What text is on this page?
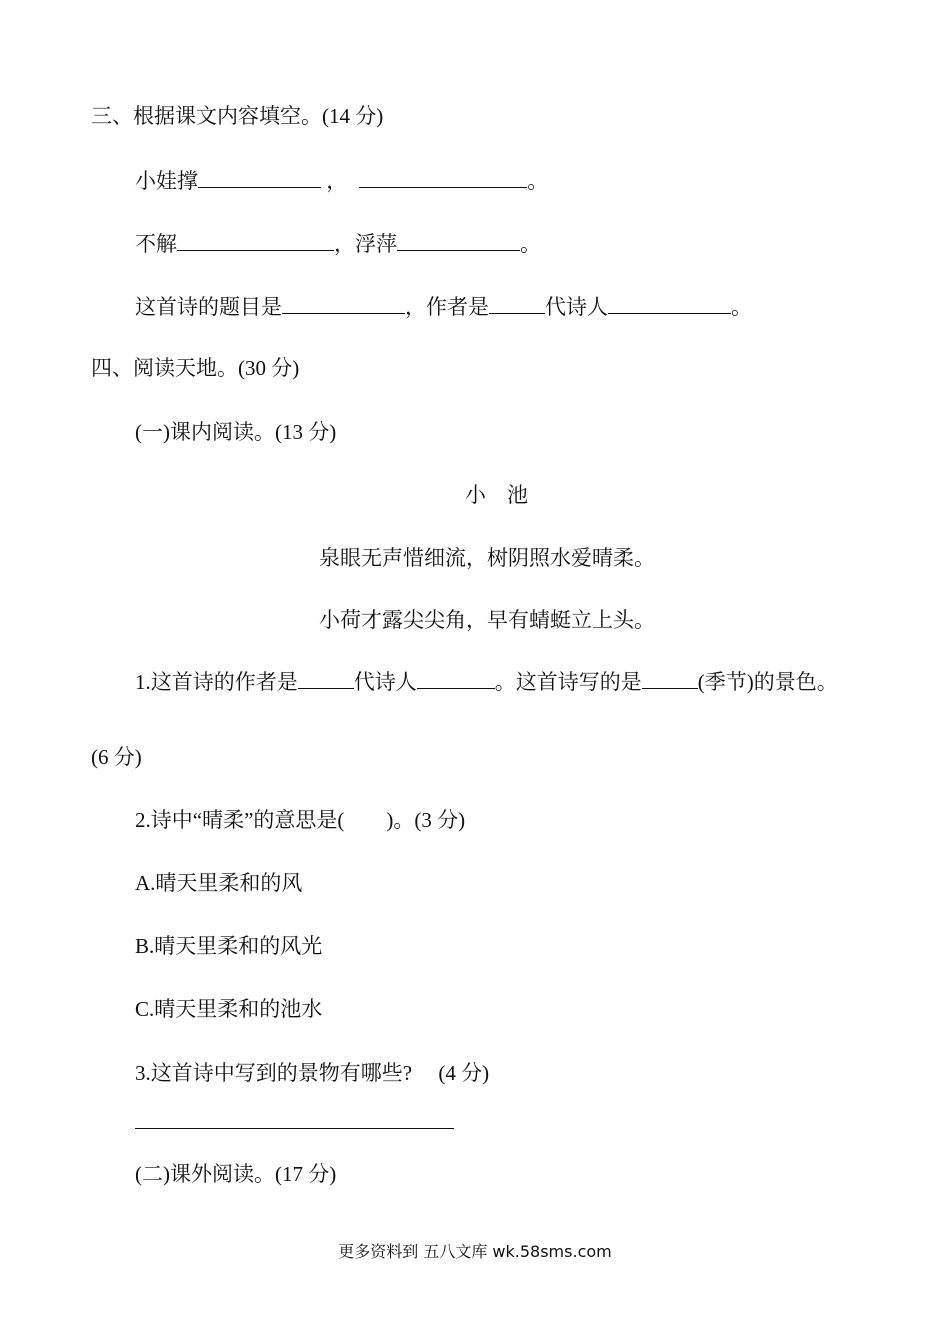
三、根据课文内容填空。(14 分)
小娃撑	，	。
不解	，浮萍	。
这首诗的题目是	，作者是	代诗人	。
四、阅读天地。(30 分)
(一)课内阅读。(13 分)
小　池
泉眼无声惜细流，树阴照水爱晴柔。
小荷才露尖尖角，早有蜻蜓立上头。
1.这首诗的作者是	代诗人	。这首诗写的是	(季节)的景色。
(6 分)
2.诗中“晴柔”的意思是(　　)。(3 分)
A.晴天里柔和的风
B.晴天里柔和的风光
C.晴天里柔和的池水
3.这首诗中写到的景物有哪些?　 (4 分)
(二)课外阅读。(17 分)
更多资料到 五八文库 wk.58sms.com
